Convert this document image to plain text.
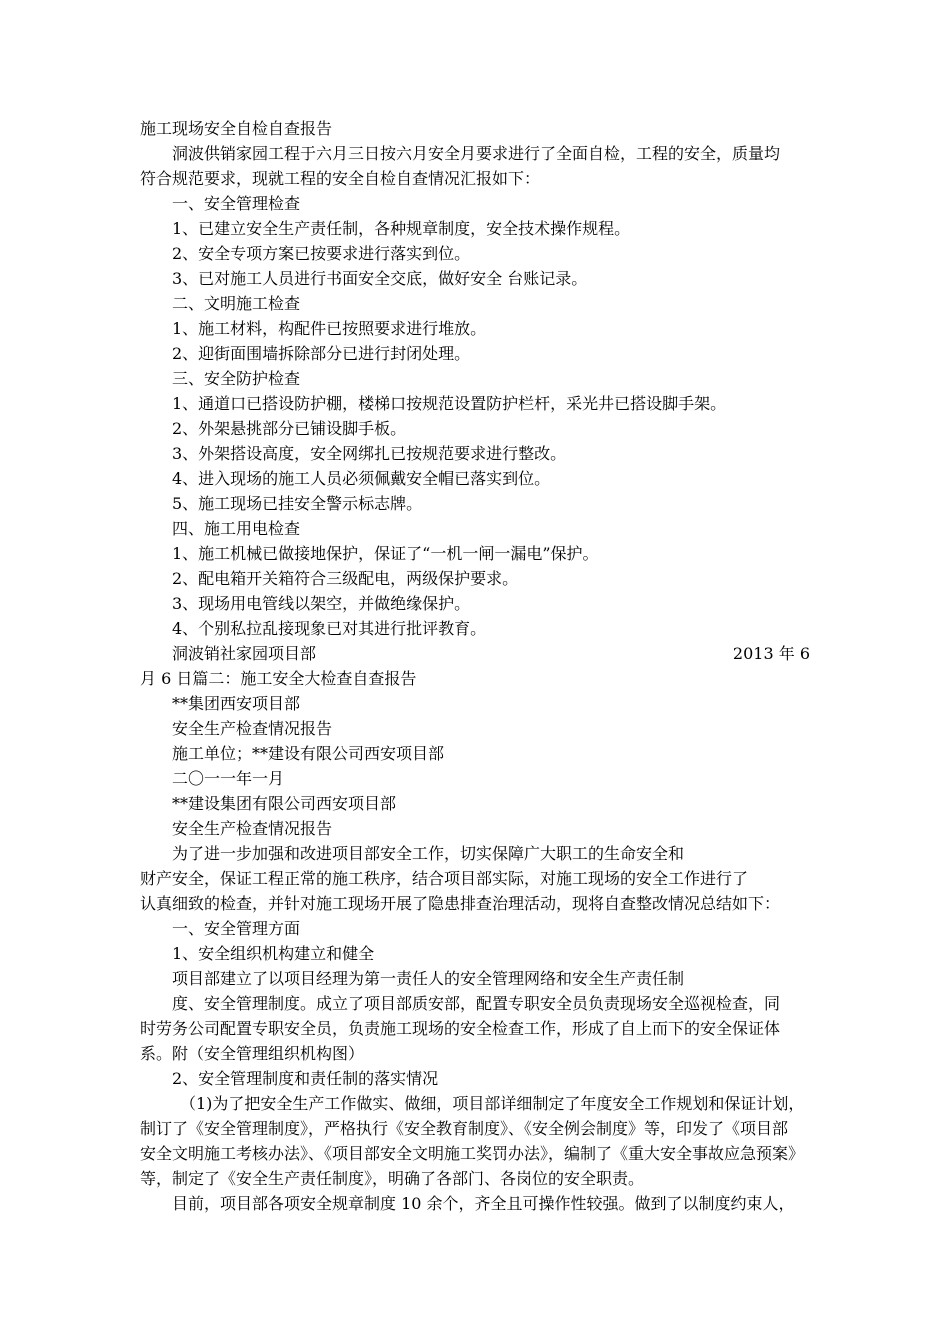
施工现场安全自检自查报告
洞波供销家园工程于六月三日按六月安全月要求进行了全面自检，工程的安全，质量均
符合规范要求，现就工程的安全自检自查情况汇报如下：
一、安全管理检查
1、已建立安全生产责任制，各种规章制度，安全技术操作规程。
2、安全专项方案已按要求进行落实到位。
3、已对施工人员进行书面安全交底，做好安全 台账记录。
二、文明施工检查
1、施工材料，构配件已按照要求进行堆放。
2、迎街面围墙拆除部分已进行封闭处理。
三、安全防护检查
1、通道口已搭设防护棚，楼梯口按规范设置防护栏杆，采光井已搭设脚手架。
2、外架悬挑部分已铺设脚手板。
3、外架搭设高度，安全网绑扎已按规范要求进行整改。
4、进入现场的施工人员必须佩戴安全帽已落实到位。
5、施工现场已挂安全警示标志牌。
四、施工用电检查
1、施工机械已做接地保护，保证了“一机一闸一漏电”保护。
2、配电箱开关箱符合三级配电，两级保护要求。
3、现场用电管线以架空，并做绝缘保护。
4、个别私拉乱接现象已对其进行批评教育。
洞波销社家园项目部	2013 年 6
月 6 日篇二：施工安全大检查自查报告
**集团西安项目部
安全生产检查情况报告
施工单位；**建设有限公司西安项目部
二〇一一年一月
**建设集团有限公司西安项目部
安全生产检查情况报告
为了进一步加强和改进项目部安全工作，切实保障广大职工的生命安全和
财产安全，保证工程正常的施工秩序，结合项目部实际，对施工现场的安全工作进行了
认真细致的检查，并针对施工现场开展了隐患排查治理活动，现将自查整改情况总结如下：
一、安全管理方面
1、安全组织机构建立和健全
项目部建立了以项目经理为第一责任人的安全管理网络和安全生产责任制
度、安全管理制度。成立了项目部质安部，配置专职安全员负责现场安全巡视检查，同
时劳务公司配置专职安全员，负责施工现场的安全检查工作，形成了自上而下的安全保证体
系。附（安全管理组织机构图）
2、安全管理制度和责任制的落实情况
（1)为了把安全生产工作做实、做细，项目部详细制定了年度安全工作规划和保证计划，
制订了《安全管理制度》，严格执行《安全教育制度》、《安全例会制度》等，印发了《项目部
安全文明施工考核办法》、《项目部安全文明施工奖罚办法》，编制了《重大安全事故应急预案》
等，制定了《安全生产责任制度》，明确了各部门、各岗位的安全职责。
目前，项目部各项安全规章制度 10 余个，齐全且可操作性较强。做到了以制度约束人，
